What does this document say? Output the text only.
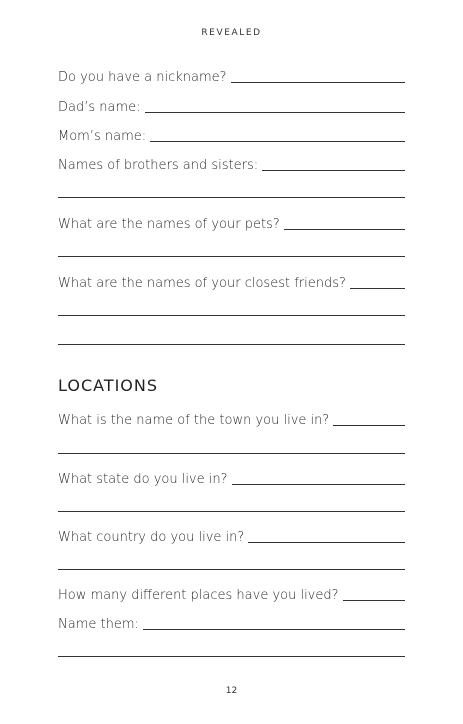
REVEALED
Do you have a nickname?
Dad’s name:
Mom’s name:
Names of brothers and sisters:
What are the names of your pets?
What are the names of your closest friends?
LOCATIONS
What is the name of the town you live in?
What state do you live in?
What country do you live in?
How many different places have you lived?
Name them:
12
